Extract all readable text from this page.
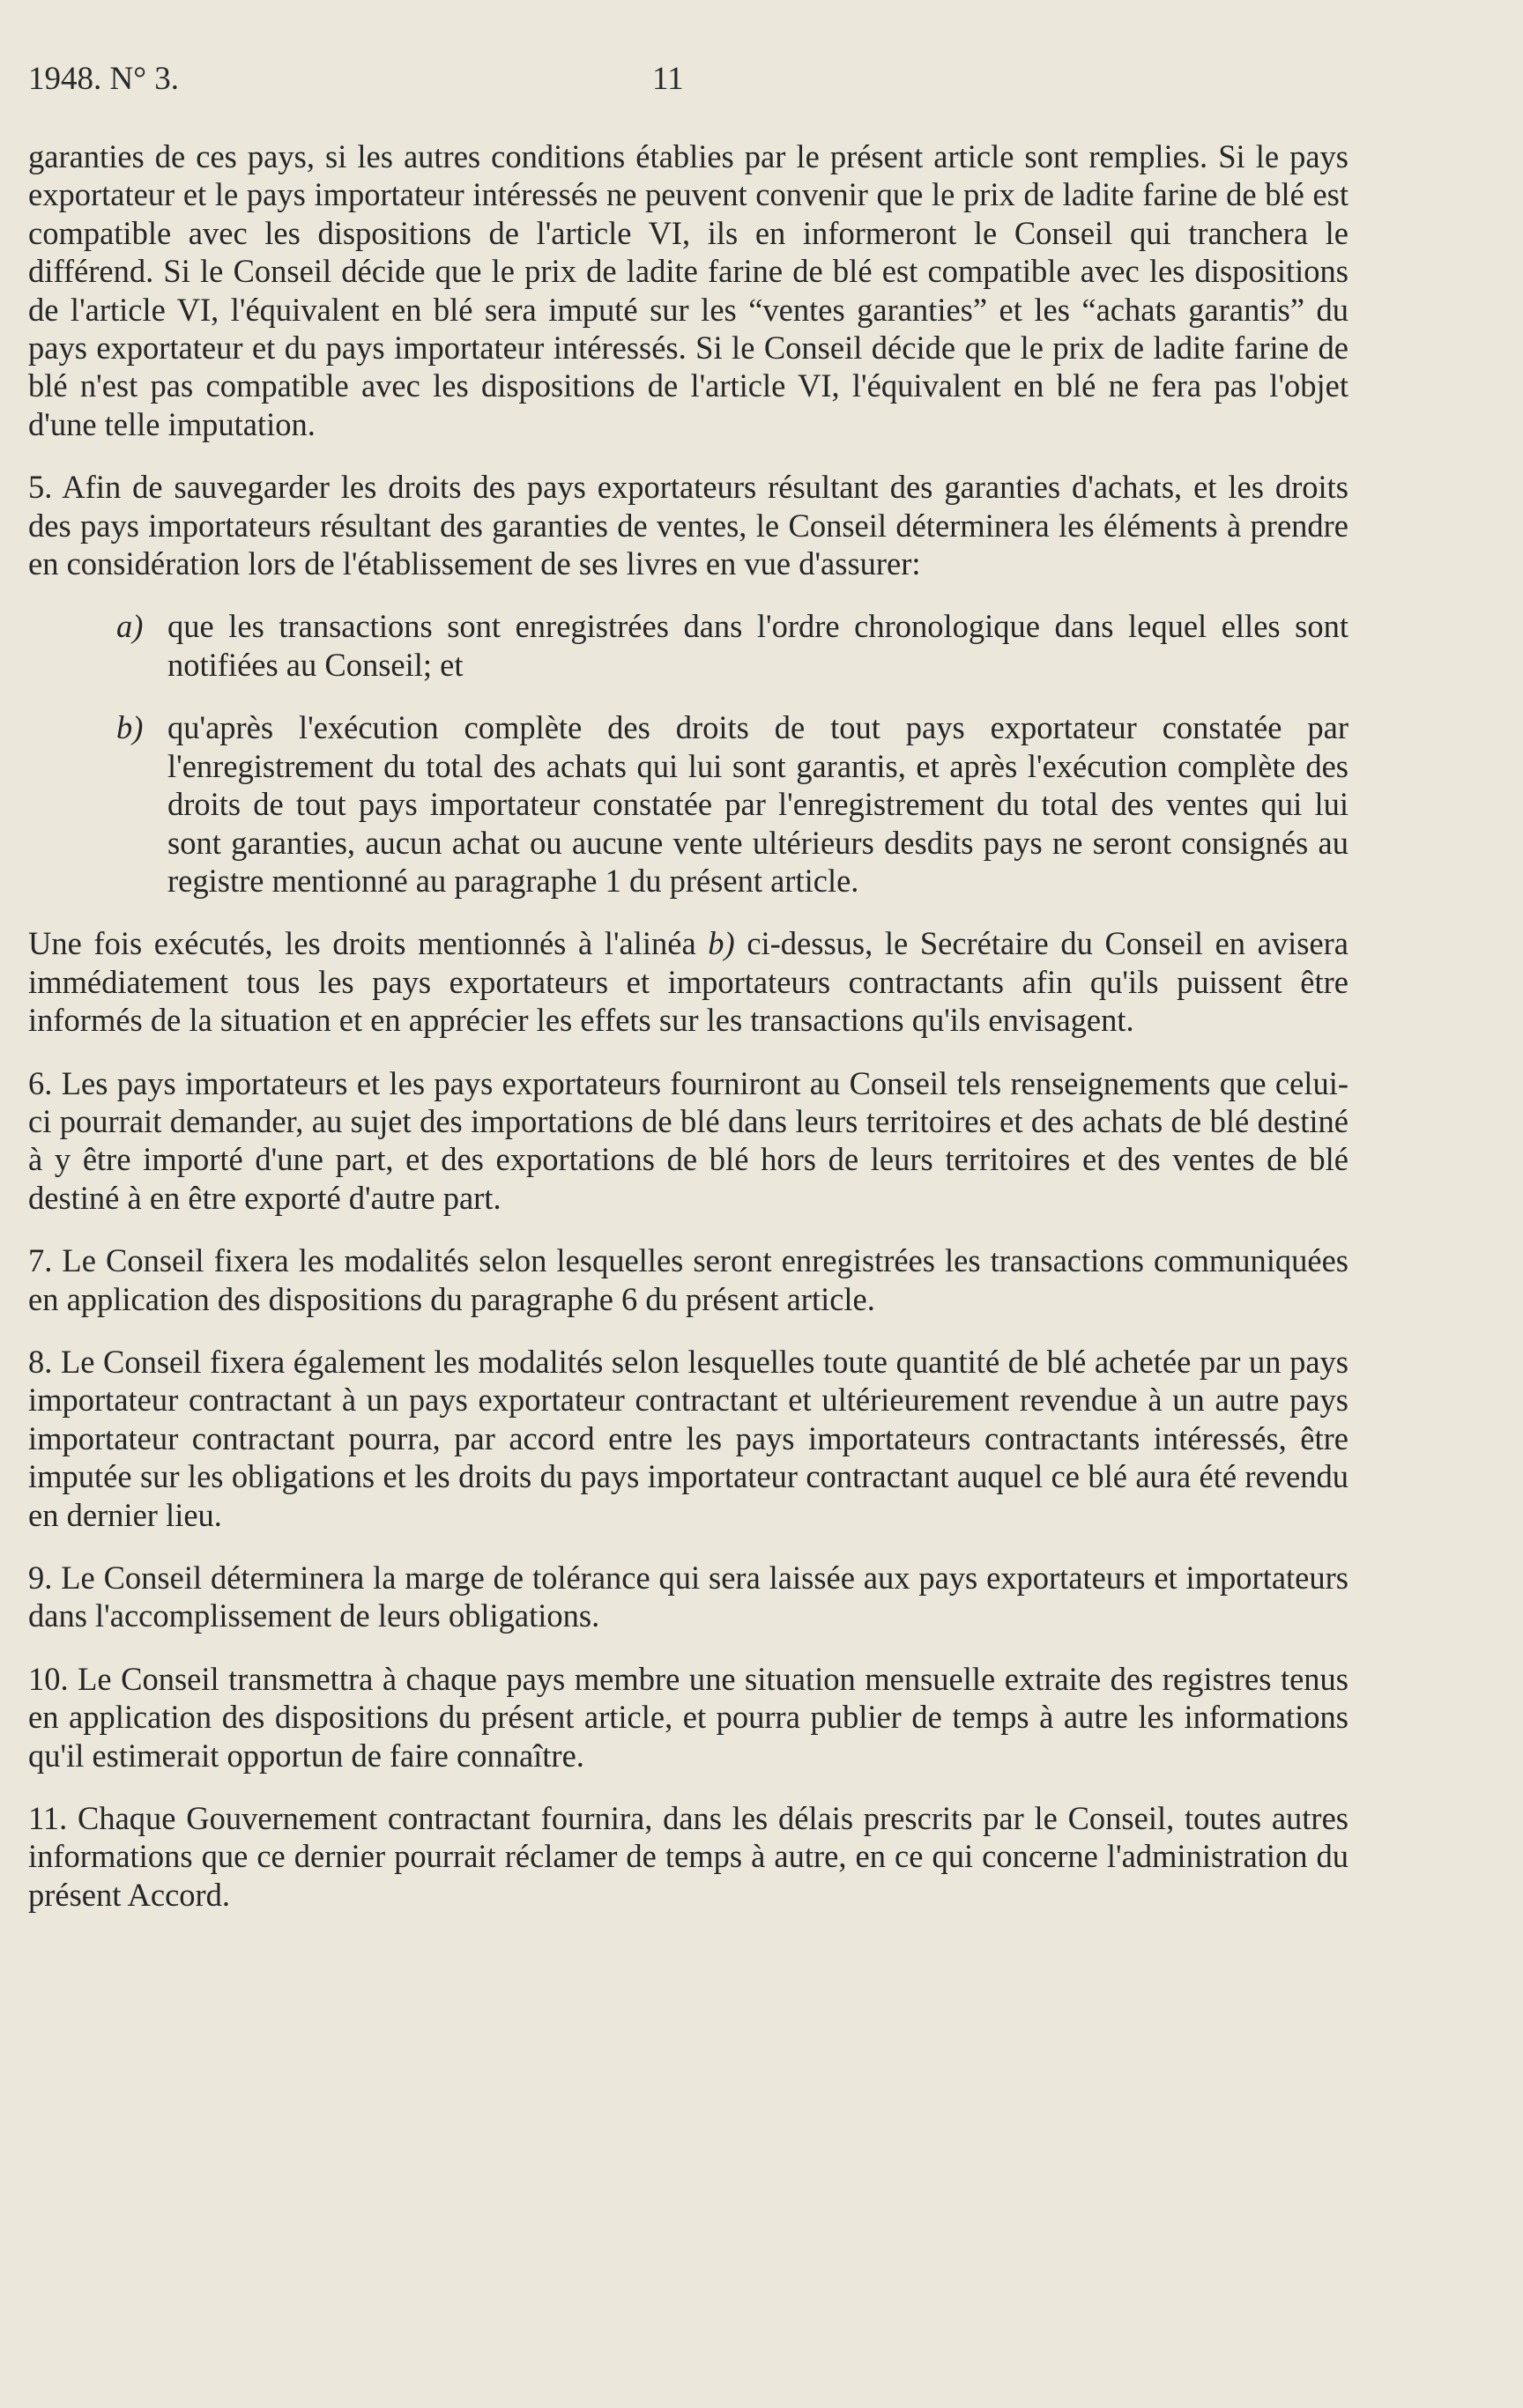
1948. N° 3.	11

garanties de ces pays, si les autres conditions établies par le présent article sont remplies. Si le pays exportateur et le pays importateur intéressés ne peuvent convenir que le prix de ladite farine de blé est compatible avec les dispositions de l'article VI, ils en informeront le Conseil qui tranchera le différend. Si le Conseil décide que le prix de ladite farine de blé est compatible avec les dispositions de l'article VI, l'équivalent en blé sera imputé sur les “ventes garanties” et les “achats garantis” du pays exportateur et du pays importateur intéressés. Si le Conseil décide que le prix de ladite farine de blé n'est pas compatible avec les dispositions de l'article VI, l'équivalent en blé ne fera pas l'objet d'une telle imputation.

5. Afin de sauvegarder les droits des pays exportateurs résultant des garanties d'achats, et les droits des pays importateurs résultant des garanties de ventes, le Conseil déterminera les éléments à prendre en considération lors de l'établissement de ses livres en vue d'assurer:

a) que les transactions sont enregistrées dans l'ordre chronologique dans lequel elles sont notifiées au Conseil; et
b) qu'après l'exécution complète des droits de tout pays exportateur constatée par l'enregistrement du total des achats qui lui sont garantis, et après l'exécution complète des droits de tout pays importateur constatée par l'enregistrement du total des ventes qui lui sont garanties, aucun achat ou aucune vente ultérieurs desdits pays ne seront consignés au registre mentionné au paragraphe 1 du présent article.

Une fois exécutés, les droits mentionnés à l'alinéa b) ci-dessus, le Secrétaire du Conseil en avisera immédiatement tous les pays exportateurs et importateurs contractants afin qu'ils puissent être informés de la situation et en apprécier les effets sur les transactions qu'ils envisagent.

6. Les pays importateurs et les pays exportateurs fourniront au Conseil tels renseignements que celui-ci pourrait demander, au sujet des importations de blé dans leurs territoires et des achats de blé destiné à y être importé d'une part, et des exportations de blé hors de leurs territoires et des ventes de blé destiné à en être exporté d'autre part.

7. Le Conseil fixera les modalités selon lesquelles seront enregistrées les transactions communiquées en application des dispositions du paragraphe 6 du présent article.

8. Le Conseil fixera également les modalités selon lesquelles toute quantité de blé achetée par un pays importateur contractant à un pays exportateur contractant et ultérieurement revendue à un autre pays importateur contractant pourra, par accord entre les pays importateurs contractants intéressés, être imputée sur les obligations et les droits du pays importateur contractant auquel ce blé aura été revendu en dernier lieu.

9. Le Conseil déterminera la marge de tolérance qui sera laissée aux pays exportateurs et importateurs dans l'accomplissement de leurs obligations.

10. Le Conseil transmettra à chaque pays membre une situation mensuelle extraite des registres tenus en application des dispositions du présent article, et pourra publier de temps à autre les informations qu'il estimerait opportun de faire connaître.

11. Chaque Gouvernement contractant fournira, dans les délais prescrits par le Conseil, toutes autres informations que ce dernier pourrait réclamer de temps à autre, en ce qui concerne l'administration du présent Accord.
